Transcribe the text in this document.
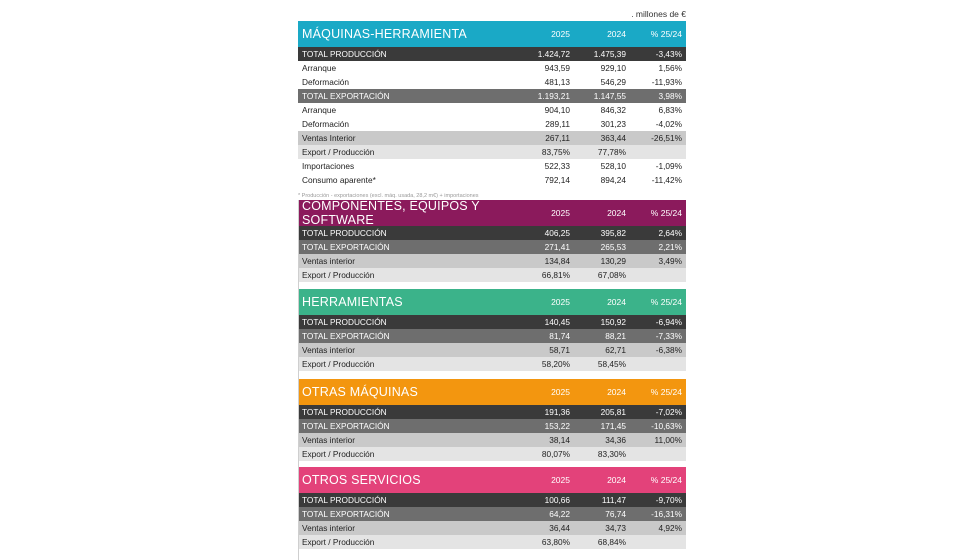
. millones de €
MÁQUINAS-HERRAMIENTA	2025	2024	% 25/24
TOTAL PRODUCCIÓN	1.424,72	1.475,39	-3,43%
Arranque	943,59	929,10	1,56%
Deformación	481,13	546,29	-11,93%
TOTAL EXPORTACIÓN	1.193,21	1.147,55	3,98%
Arranque	904,10	846,32	6,83%
Deformación	289,11	301,23	-4,02%
Ventas Interior	267,11	363,44	-26,51%
Export / Producción	83,75%	77,78%
Importaciones	522,33	528,10	-1,09%
Consumo aparente*	792,14	894,24	-11,42%
* Producción - exportaciones (excl. máq. usada, 28,2 m€) + importaciones
COMPONENTES, EQUIPOS Y SOFTWARE	2025	2024	% 25/24
TOTAL PRODUCCIÓN	406,25	395,82	2,64%
TOTAL EXPORTACIÓN	271,41	265,53	2,21%
Ventas interior	134,84	130,29	3,49%
Export / Producción	66,81%	67,08%
HERRAMIENTAS	2025	2024	% 25/24
TOTAL PRODUCCIÓN	140,45	150,92	-6,94%
TOTAL EXPORTACIÓN	81,74	88,21	-7,33%
Ventas interior	58,71	62,71	-6,38%
Export / Producción	58,20%	58,45%
OTRAS MÁQUINAS	2025	2024	% 25/24
TOTAL PRODUCCIÓN	191,36	205,81	-7,02%
TOTAL EXPORTACIÓN	153,22	171,45	-10,63%
Ventas interior	38,14	34,36	11,00%
Export / Producción	80,07%	83,30%
OTROS SERVICIOS	2025	2024	% 25/24
TOTAL PRODUCCIÓN	100,66	111,47	-9,70%
TOTAL EXPORTACIÓN	64,22	76,74	-16,31%
Ventas interior	36,44	34,73	4,92%
Export / Producción	63,80%	68,84%
